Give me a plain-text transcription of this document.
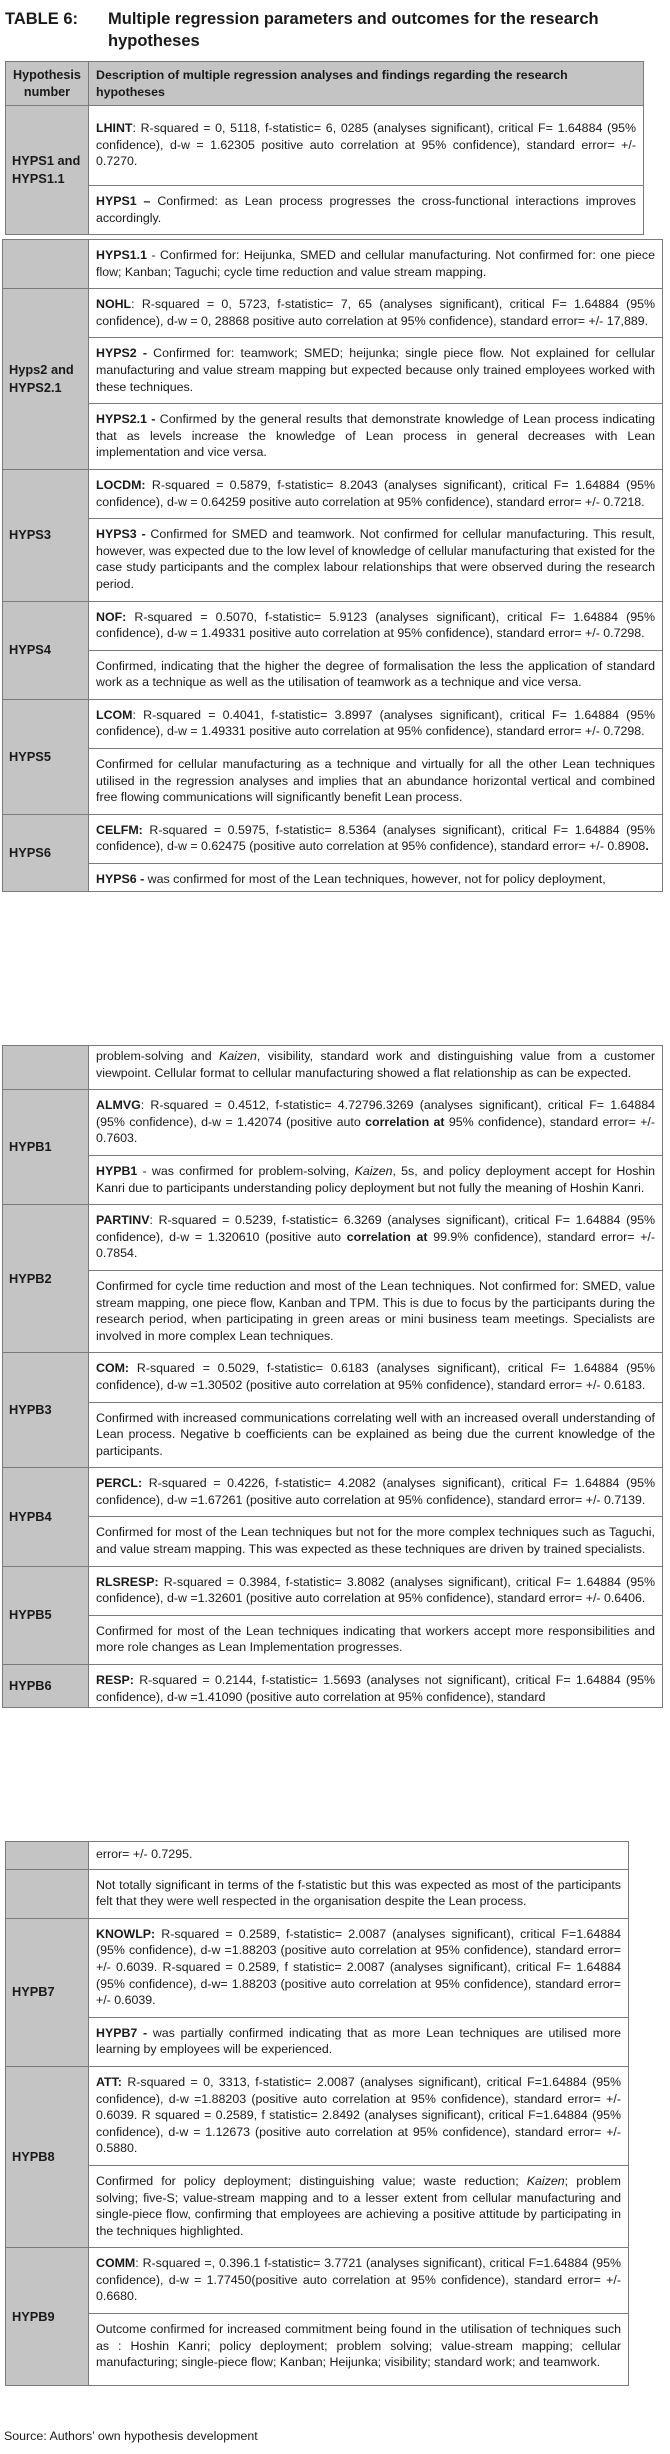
TABLE 6:	Multiple regression parameters and outcomes for the research hypotheses
Hypothesis number	Description of multiple regression analyses and findings regarding the research hypotheses
HYPS1 and HYPS1.1	LHINT: R-squared = 0, 5118, f-statistic= 6, 0285 (analyses significant), critical F= 1.64884 (95% confidence), d-w = 1.62305 positive auto correlation at 95% confidence), standard error= +/- 0.7270.
	HYPS1 – Confirmed: as Lean process progresses the cross-functional interactions improves accordingly.
	HYPS1.1 - Confirmed for: Heijunka, SMED and cellular manufacturing. Not confirmed for: one piece flow; Kanban; Taguchi; cycle time reduction and value stream mapping.
Hyps2 and HYPS2.1	NOHL: R-squared = 0, 5723, f-statistic= 7, 65 (analyses significant), critical F= 1.64884 (95% confidence), d-w = 0, 28868 positive auto correlation at 95% confidence), standard error= +/- 17,889.
	HYPS2 - Confirmed for: teamwork; SMED; heijunka; single piece flow. Not explained for cellular manufacturing and value stream mapping but expected because only trained employees worked with these techniques.
	HYPS2.1 - Confirmed by the general results that demonstrate knowledge of Lean process indicating that as levels increase the knowledge of Lean process in general decreases with Lean implementation and vice versa.
HYPS3	LOCDM: R-squared = 0.5879, f-statistic= 8.2043 (analyses significant), critical F= 1.64884 (95% confidence), d-w = 0.64259 positive auto correlation at 95% confidence), standard error= +/- 0.7218.
	HYPS3 - Confirmed for SMED and teamwork. Not confirmed for cellular manufacturing. This result, however, was expected due to the low level of knowledge of cellular manufacturing that existed for the case study participants and the complex labour relationships that were observed during the research period.
HYPS4	NOF: R-squared = 0.5070, f-statistic= 5.9123 (analyses significant), critical F= 1.64884 (95% confidence), d-w = 1.49331 positive auto correlation at 95% confidence), standard error= +/- 0.7298.
	Confirmed, indicating that the higher the degree of formalisation the less the application of standard work as a technique as well as the utilisation of teamwork as a technique and vice versa.
HYPS5	LCOM: R-squared = 0.4041, f-statistic= 3.8997 (analyses significant), critical F= 1.64884 (95% confidence), d-w = 1.49331 positive auto correlation at 95% confidence), standard error= +/- 0.7298.
	Confirmed for cellular manufacturing as a technique and virtually for all the other Lean techniques utilised in the regression analyses and implies that an abundance horizontal vertical and combined free flowing communications will significantly benefit Lean process.
HYPS6	CELFM: R-squared = 0.5975, f-statistic= 8.5364 (analyses significant), critical F= 1.64884 (95% confidence), d-w = 0.62475 (positive auto correlation at 95% confidence), standard error= +/- 0.8908.
	HYPS6 - was confirmed for most of the Lean techniques, however, not for policy deployment,
	problem-solving and Kaizen, visibility, standard work and distinguishing value from a customer viewpoint. Cellular format to cellular manufacturing showed a flat relationship as can be expected.
HYPB1	ALMVG: R-squared = 0.4512, f-statistic= 4.72796.3269 (analyses significant), critical F= 1.64884 (95% confidence), d-w = 1.42074 (positive auto correlation at 95% confidence), standard error= +/- 0.7603.
	HYPB1 - was confirmed for problem-solving, Kaizen, 5s, and policy deployment accept for Hoshin Kanri due to participants understanding policy deployment but not fully the meaning of Hoshin Kanri.
HYPB2	PARTINV: R-squared = 0.5239, f-statistic= 6.3269 (analyses significant), critical F= 1.64884 (95% confidence), d-w = 1.320610 (positive auto correlation at 99.9% confidence), standard error= +/- 0.7854.
	Confirmed for cycle time reduction and most of the Lean techniques. Not confirmed for: SMED, value stream mapping, one piece flow, Kanban and TPM. This is due to focus by the participants during the research period, when participating in green areas or mini business team meetings. Specialists are involved in more complex Lean techniques.
HYPB3	COM: R-squared = 0.5029, f-statistic= 0.6183 (analyses significant), critical F= 1.64884 (95% confidence), d-w =1.30502 (positive auto correlation at 95% confidence), standard error= +/- 0.6183.
	Confirmed with increased communications correlating well with an increased overall understanding of Lean process. Negative b coefficients can be explained as being due the current knowledge of the participants.
HYPB4	PERCL: R-squared = 0.4226, f-statistic= 4.2082 (analyses significant), critical F= 1.64884 (95% confidence), d-w =1.67261 (positive auto correlation at 95% confidence), standard error= +/- 0.7139.
	Confirmed for most of the Lean techniques but not for the more complex techniques such as Taguchi, and value stream mapping. This was expected as these techniques are driven by trained specialists.
HYPB5	RLSRESP: R-squared = 0.3984, f-statistic= 3.8082 (analyses significant), critical F= 1.64884 (95% confidence), d-w =1.32601 (positive auto correlation at 95% confidence), standard error= +/- 0.6406.
	Confirmed for most of the Lean techniques indicating that workers accept more responsibilities and more role changes as Lean Implementation progresses.
HYPB6	RESP: R-squared = 0.2144, f-statistic= 1.5693 (analyses not significant), critical F= 1.64884 (95% confidence), d-w =1.41090 (positive auto correlation at 95% confidence), standard
	error= +/- 0.7295.
	Not totally significant in terms of the f-statistic but this was expected as most of the participants felt that they were well respected in the organisation despite the Lean process.
HYPB7	KNOWLP: R-squared = 0.2589, f-statistic= 2.0087 (analyses significant), critical F=1.64884 (95% confidence), d-w =1.88203 (positive auto correlation at 95% confidence), standard error= +/- 0.6039. R-squared = 0.2589, f statistic= 2.0087 (analyses significant), critical F= 1.64884 (95% confidence), d-w= 1.88203 (positive auto correlation at 95% confidence), standard error= +/- 0.6039.
	HYPB7 - was partially confirmed indicating that as more Lean techniques are utilised more learning by employees will be experienced.
HYPB8	ATT: R-squared = 0, 3313, f-statistic= 2.0087 (analyses significant), critical F=1.64884 (95% confidence), d-w =1.88203 (positive auto correlation at 95% confidence), standard error= +/- 0.6039. R squared = 0.2589, f statistic= 2.8492 (analyses significant), critical F=1.64884 (95% confidence), d-w = 1.12673 (positive auto correlation at 95% confidence), standard error= +/- 0.5880.
	Confirmed for policy deployment; distinguishing value; waste reduction; Kaizen; problem solving; five-S; value-stream mapping and to a lesser extent from cellular manufacturing and single-piece flow, confirming that employees are achieving a positive attitude by participating in the techniques highlighted.
HYPB9	COMM: R-squared =, 0.396.1 f-statistic= 3.7721 (analyses significant), critical F=1.64884 (95% confidence), d-w = 1.77450(positive auto correlation at 95% confidence), standard error= +/- 0.6680.
	Outcome confirmed for increased commitment being found in the utilisation of techniques such as : Hoshin Kanri; policy deployment; problem solving; value-stream mapping; cellular manufacturing; single-piece flow; Kanban; Heijunka; visibility; standard work; and teamwork.
Source: Authors’ own hypothesis development
